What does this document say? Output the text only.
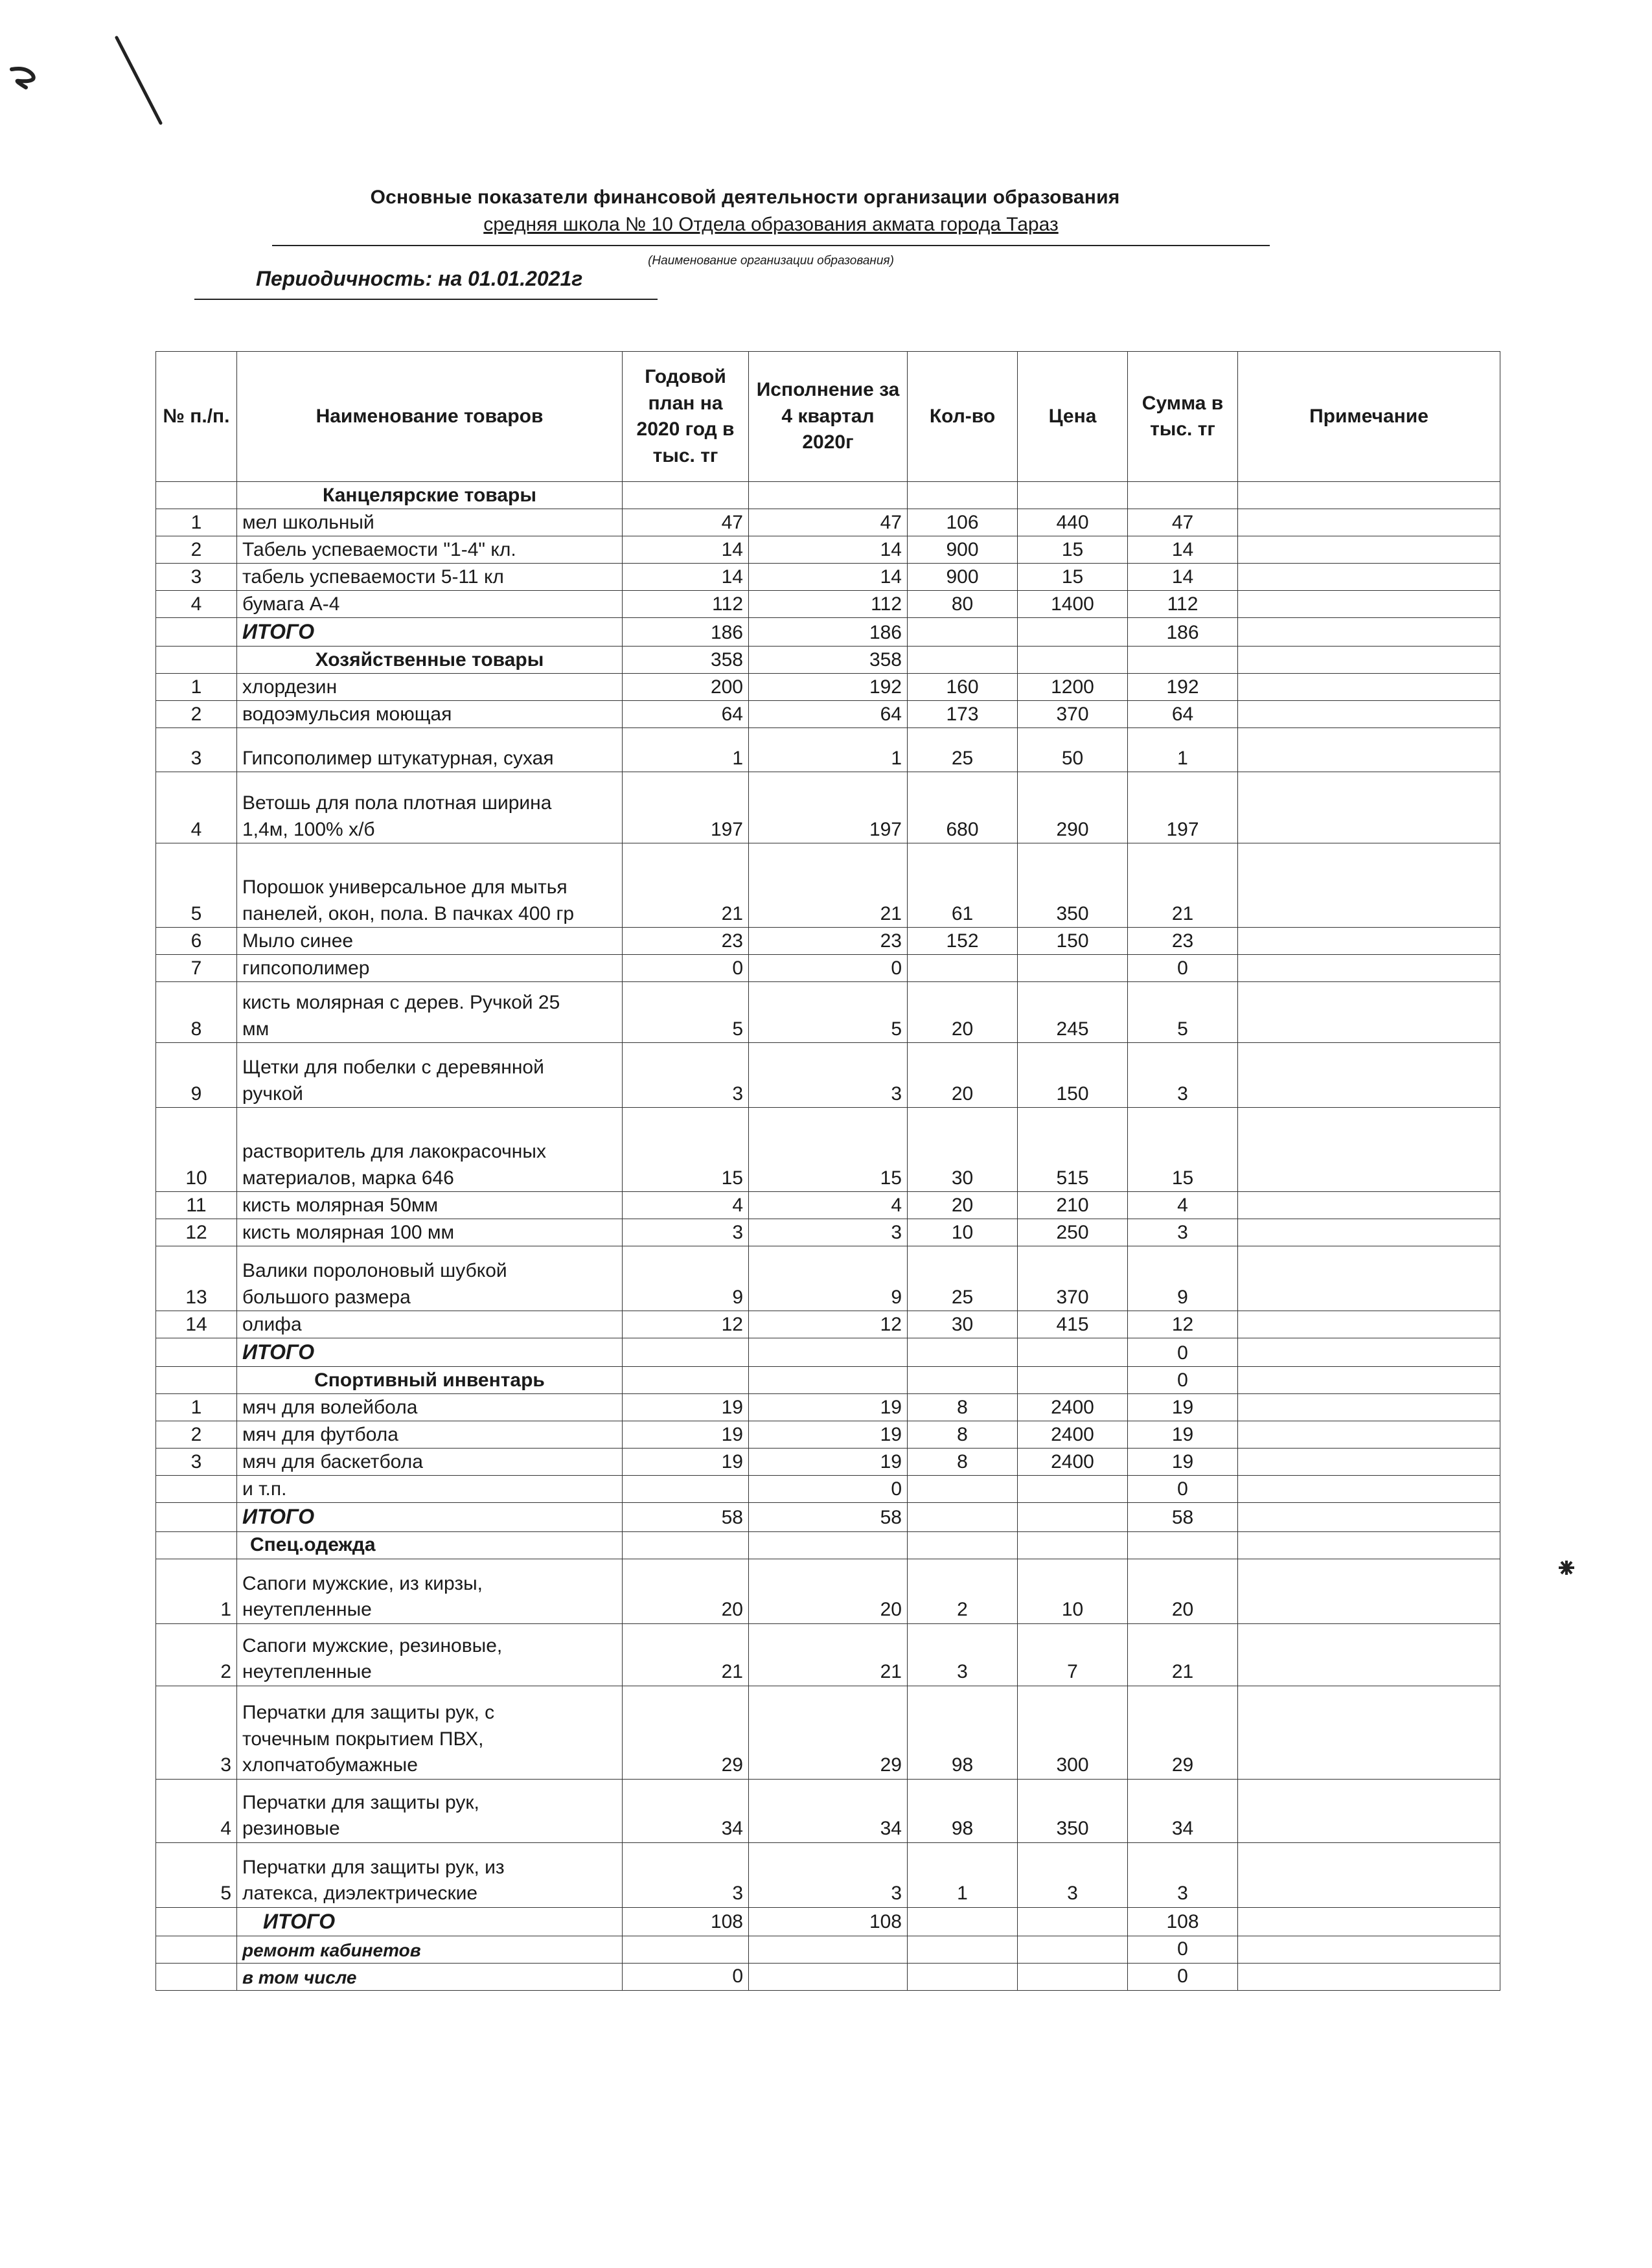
Основные показатели финансовой деятельности организации образования
средняя школа № 10 Отдела образования акмата города Тараз
(Наименование организации образования)
Периодичность: на 01.01.2021г
№ п./п.	Наименование товаров	Годовой план на 2020 год в тыс. тг	Исполнение за 4 квартал 2020г	Кол-во	Цена	Сумма в тыс. тг	Примечание
	Канцелярские товары						
1	мел школьный	47	47	106	440	47	
2	Табель успеваемости "1-4" кл.	14	14	900	15	14	
3	табель успеваемости 5-11 кл	14	14	900	15	14	
4	бумага А-4	112	112	80	1400	112	
	ИТОГО	186	186			186	
	Хозяйственные товары	358	358				
1	хлордезин	200	192	160	1200	192	
2	водоэмульсия моющая	64	64	173	370	64	
3	Гипсополимер штукатурная, сухая	1	1	25	50	1	
4	Ветошь для пола плотная ширина
1,4м, 100% х/б	197	197	680	290	197	
5	Порошок универсальное для мытья
панелей, окон, пола. В пачках 400 гр	21	21	61	350	21	
6	Мыло синее	23	23	152	150	23	
7	гипсополимер	0	0			0	
8	кисть молярная с дерев. Ручкой 25
мм	5	5	20	245	5	
9	Щетки для побелки с деревянной
ручкой	3	3	20	150	3	
10	растворитель для лакокрасочных
материалов, марка 646	15	15	30	515	15	
11	кисть молярная 50мм	4	4	20	210	4	
12	кисть молярная 100 мм	3	3	10	250	3	
13	Валики поролоновый шубкой
большого размера	9	9	25	370	9	
14	олифа	12	12	30	415	12	
	ИТОГО					0	
	Спортивный инвентарь					0	
1	мяч для волейбола	19	19	8	2400	19	
2	мяч для футбола	19	19	8	2400	19	
3	мяч для баскетбола	19	19	8	2400	19	
	и т.п.		0			0	
	ИТОГО	58	58			58	
	Спец.одежда						
1	Сапоги мужские, из кирзы,
неутепленные	20	20	2	10	20	
2	Сапоги мужские, резиновые,
неутепленные	21	21	3	7	21	
3	Перчатки для защиты рук, с
точечным покрытием ПВХ,
хлопчатобумажные	29	29	98	300	29	
4	Перчатки для защиты рук,
резиновые	34	34	98	350	34	
5	Перчатки для защиты рук, из
латекса, диэлектрические	3	3	1	3	3	
	ИТОГО	108	108			108	
	ремонт кабинетов					0	
	в том числе	0				0	
